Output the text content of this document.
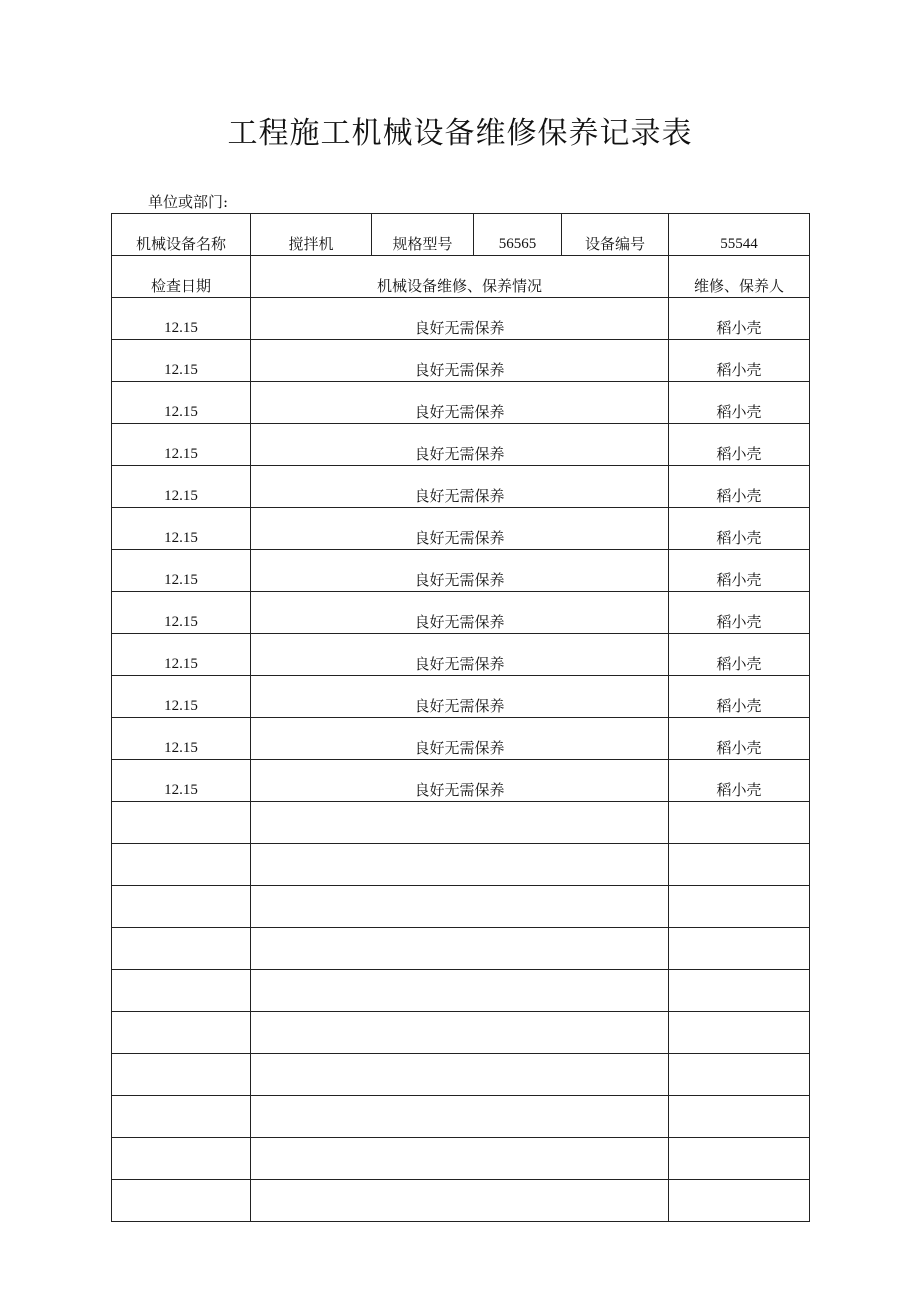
工程施工机械设备维修保养记录表
单位或部门:
机械设备名称	搅拌机	规格型号	56565	设备编号	55544
检查日期	机械设备维修、保养情况				维修、保养人
12.15	良好无需保养				稻小壳
12.15	良好无需保养				稻小壳
12.15	良好无需保养				稻小壳
12.15	良好无需保养				稻小壳
12.15	良好无需保养				稻小壳
12.15	良好无需保养				稻小壳
12.15	良好无需保养				稻小壳
12.15	良好无需保养				稻小壳
12.15	良好无需保养				稻小壳
12.15	良好无需保养				稻小壳
12.15	良好无需保养				稻小壳
12.15	良好无需保养				稻小壳
